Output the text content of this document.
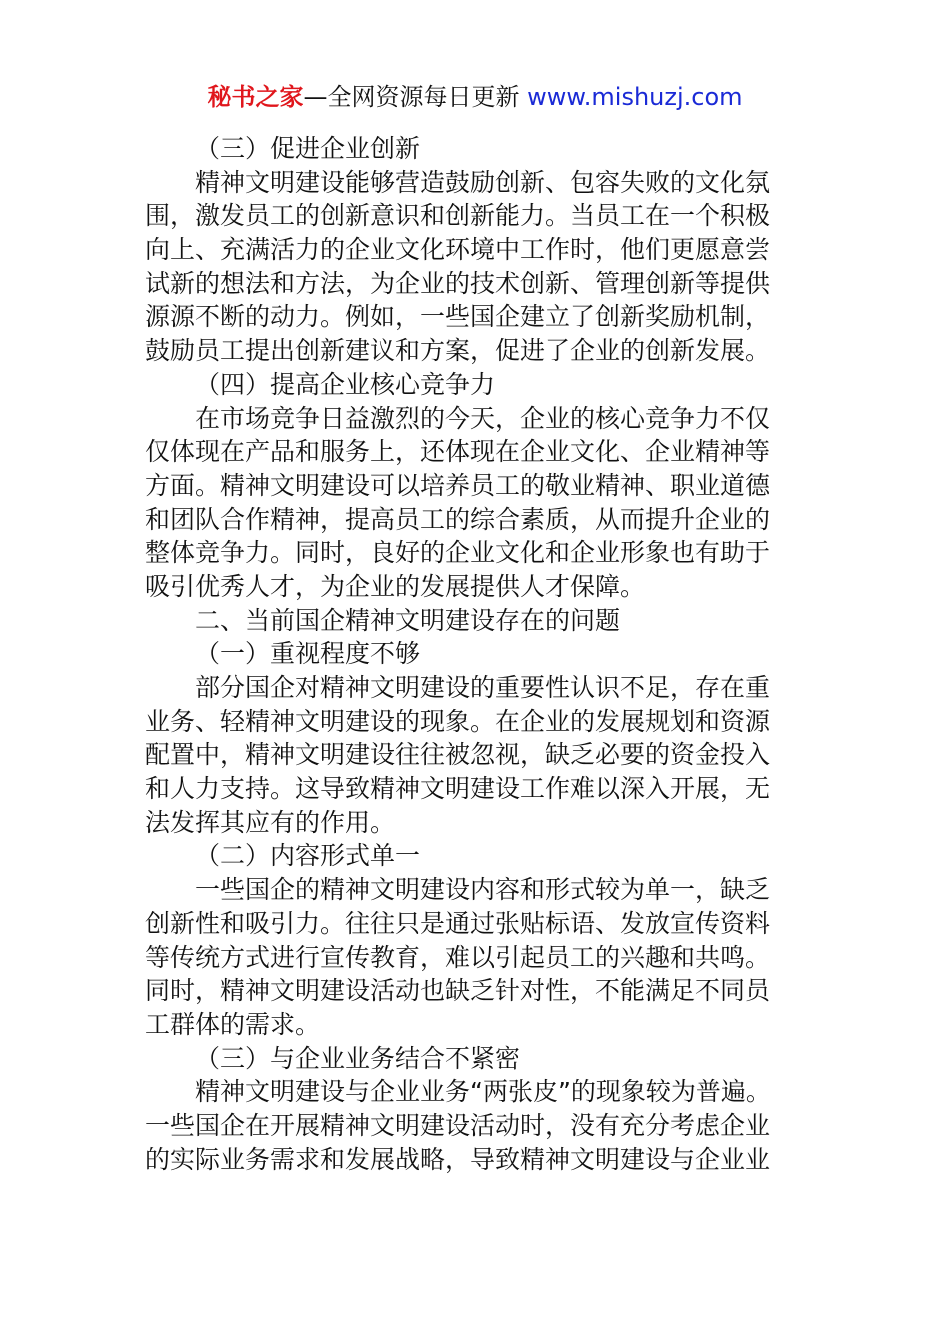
秘书之家—全网资源每日更新 www.mishuzj.com
（三）促进企业创新
精神文明建设能够营造鼓励创新、包容失败的文化氛
围，激发员工的创新意识和创新能力。当员工在一个积极
向上、充满活力的企业文化环境中工作时，他们更愿意尝
试新的想法和方法，为企业的技术创新、管理创新等提供
源源不断的动力。例如，一些国企建立了创新奖励机制，
鼓励员工提出创新建议和方案，促进了企业的创新发展。
（四）提高企业核心竞争力
在市场竞争日益激烈的今天，企业的核心竞争力不仅
仅体现在产品和服务上，还体现在企业文化、企业精神等
方面。精神文明建设可以培养员工的敬业精神、职业道德
和团队合作精神，提高员工的综合素质，从而提升企业的
整体竞争力。同时，良好的企业文化和企业形象也有助于
吸引优秀人才，为企业的发展提供人才保障。
二、当前国企精神文明建设存在的问题
（一）重视程度不够
部分国企对精神文明建设的重要性认识不足，存在重
业务、轻精神文明建设的现象。在企业的发展规划和资源
配置中，精神文明建设往往被忽视，缺乏必要的资金投入
和人力支持。这导致精神文明建设工作难以深入开展，无
法发挥其应有的作用。
（二）内容形式单一
一些国企的精神文明建设内容和形式较为单一，缺乏
创新性和吸引力。往往只是通过张贴标语、发放宣传资料
等传统方式进行宣传教育，难以引起员工的兴趣和共鸣。
同时，精神文明建设活动也缺乏针对性，不能满足不同员
工群体的需求。
（三）与企业业务结合不紧密
精神文明建设与企业业务“两张皮”的现象较为普遍。
一些国企在开展精神文明建设活动时，没有充分考虑企业
的实际业务需求和发展战略，导致精神文明建设与企业业
